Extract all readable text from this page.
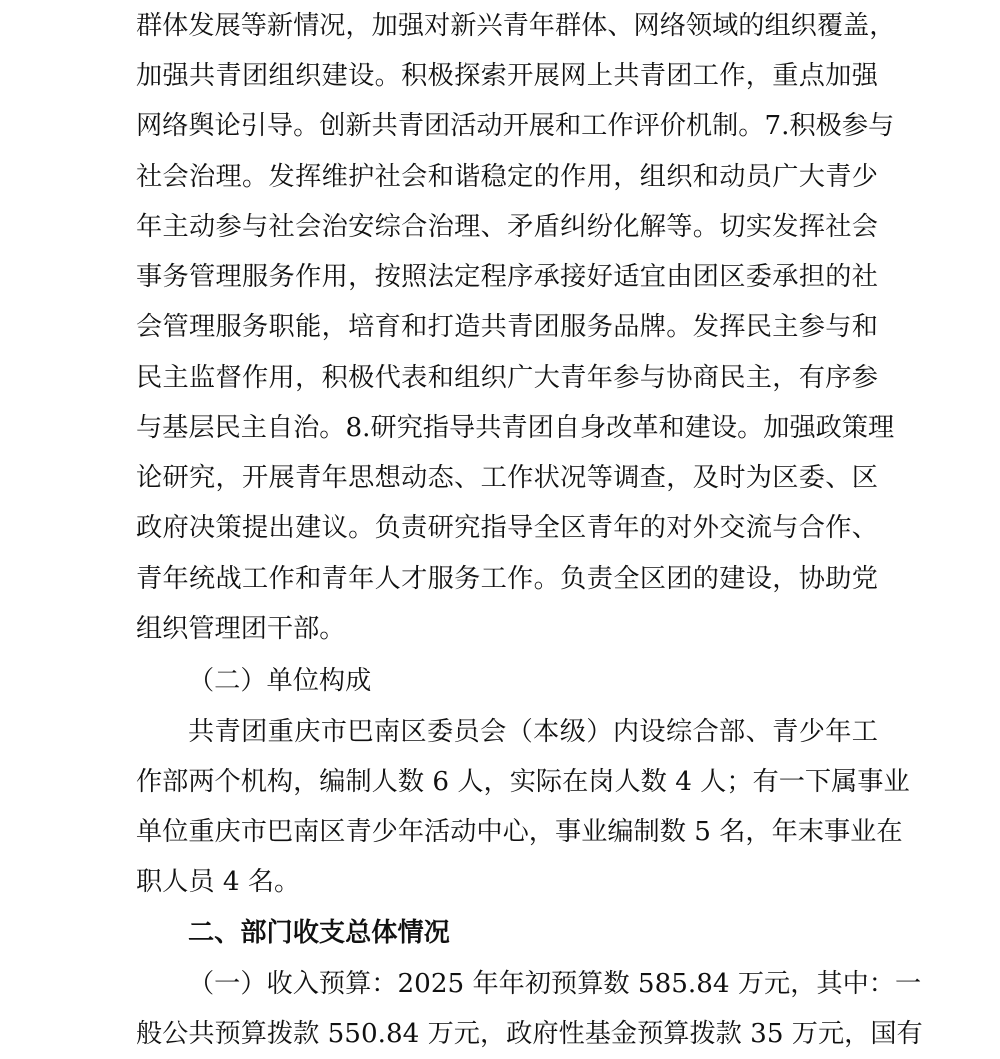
群体发展等新情况，加强对新兴青年群体、网络领域的组织覆盖，
加强共青团组织建设。积极探索开展网上共青团工作，重点加强
网络舆论引导。创新共青团活动开展和工作评价机制。7.积极参与
社会治理。发挥维护社会和谐稳定的作用，组织和动员广大青少
年主动参与社会治安综合治理、矛盾纠纷化解等。切实发挥社会
事务管理服务作用，按照法定程序承接好适宜由团区委承担的社
会管理服务职能，培育和打造共青团服务品牌。发挥民主参与和
民主监督作用，积极代表和组织广大青年参与协商民主，有序参
与基层民主自治。8.研究指导共青团自身改革和建设。加强政策理
论研究，开展青年思想动态、工作状况等调查，及时为区委、区
政府决策提出建议。负责研究指导全区青年的对外交流与合作、
青年统战工作和青年人才服务工作。负责全区团的建设，协助党
组织管理团干部。
（二）单位构成
共青团重庆市巴南区委员会（本级）内设综合部、青少年工
作部两个机构，编制人数 6 人，实际在岗人数 4 人；有一下属事业
单位重庆市巴南区青少年活动中心，事业编制数 5 名，年末事业在
职人员 4 名。
二、部门收支总体情况
（一）收入预算：2025 年年初预算数 585.84 万元，其中：一
般公共预算拨款 550.84 万元，政府性基金预算拨款 35 万元，国有
